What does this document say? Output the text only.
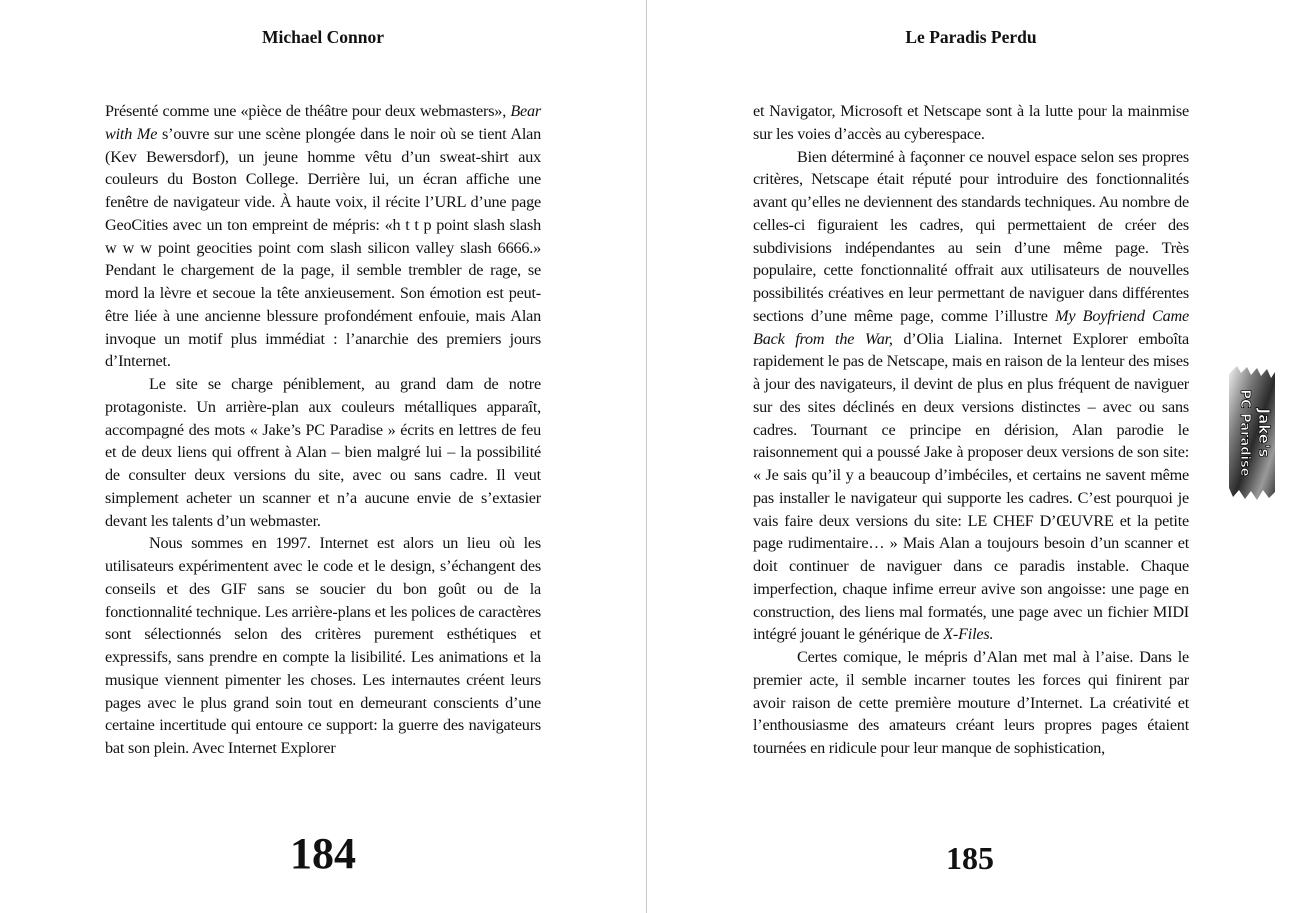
Michael Connor

Présenté comme une «pièce de théâtre pour deux webmasters», Bear with Me s’ouvre sur une scène plongée dans le noir où se tient Alan (Kev Bewersdorf), un jeune homme vêtu d’un sweat-shirt aux couleurs du Boston College. Derrière lui, un écran affiche une fenêtre de navigateur vide. À haute voix, il récite l’URL d’une page GeoCities avec un ton empreint de mépris: «h t t p point slash slash w w w point geocities point com slash silicon valley slash 6666.» Pendant le chargement de la page, il semble trembler de rage, se mord la lèvre et secoue la tête anxieusement. Son émotion est peut-être liée à une ancienne blessure profondément enfouie, mais Alan invoque un motif plus immédiat : l’anarchie des premiers jours d’Internet.

Le site se charge péniblement, au grand dam de notre protagoniste. Un arrière-plan aux couleurs métalliques apparaît, accompagné des mots « Jake’s PC Paradise » écrits en lettres de feu et de deux liens qui offrent à Alan – bien malgré lui – la possibilité de consulter deux versions du site, avec ou sans cadre. Il veut simplement acheter un scanner et n’a aucune envie de s’extasier devant les talents d’un webmaster.

Nous sommes en 1997. Internet est alors un lieu où les utilisateurs expérimentent avec le code et le design, s’échangent des conseils et des GIF sans se soucier du bon goût ou de la fonctionnalité technique. Les arrière-plans et les polices de caractères sont sélectionnés selon des critères purement esthétiques et expressifs, sans prendre en compte la lisibilité. Les animations et la musique viennent pimenter les choses. Les internautes créent leurs pages avec le plus grand soin tout en demeurant conscients d’une certaine incertitude qui entoure ce support: la guerre des navigateurs bat son plein. Avec Internet Explorer

184
Le Paradis Perdu

et Navigator, Microsoft et Netscape sont à la lutte pour la mainmise sur les voies d’accès au cyberespace.

Bien déterminé à façonner ce nouvel espace selon ses propres critères, Netscape était réputé pour introduire des fonctionnalités avant qu’elles ne deviennent des standards techniques. Au nombre de celles-ci figuraient les cadres, qui permettaient de créer des subdivisions indépendantes au sein d’une même page. Très populaire, cette fonctionnalité offrait aux utilisateurs de nouvelles possibilités créatives en leur permettant de naviguer dans différentes sections d’une même page, comme l’illustre My Boyfriend Came Back from the War, d’Olia Lialina. Internet Explorer emboîta rapidement le pas de Netscape, mais en raison de la lenteur des mises à jour des navigateurs, il devint de plus en plus fréquent de naviguer sur des sites déclinés en deux versions distinctes – avec ou sans cadres. Tournant ce principe en dérision, Alan parodie le raisonnement qui a poussé Jake à proposer deux versions de son site: « Je sais qu’il y a beaucoup d’imbéciles, et certains ne savent même pas installer le navigateur qui supporte les cadres. C’est pourquoi je vais faire deux versions du site: LE CHEF D’ŒUVRE et la petite page rudimentaire… » Mais Alan a toujours besoin d’un scanner et doit continuer de naviguer dans ce paradis instable. Chaque imperfection, chaque infime erreur avive son angoisse: une page en construction, des liens mal formatés, une page avec un fichier MIDI intégré jouant le générique de X-Files.

Certes comique, le mépris d’Alan met mal à l’aise. Dans le premier acte, il semble incarner toutes les forces qui finirent par avoir raison de cette première mouture d’Internet. La créativité et l’enthousiasme des amateurs créant leurs propres pages étaient tournées en ridicule pour leur manque de sophistication,

Jake's
PC Paradise
185
